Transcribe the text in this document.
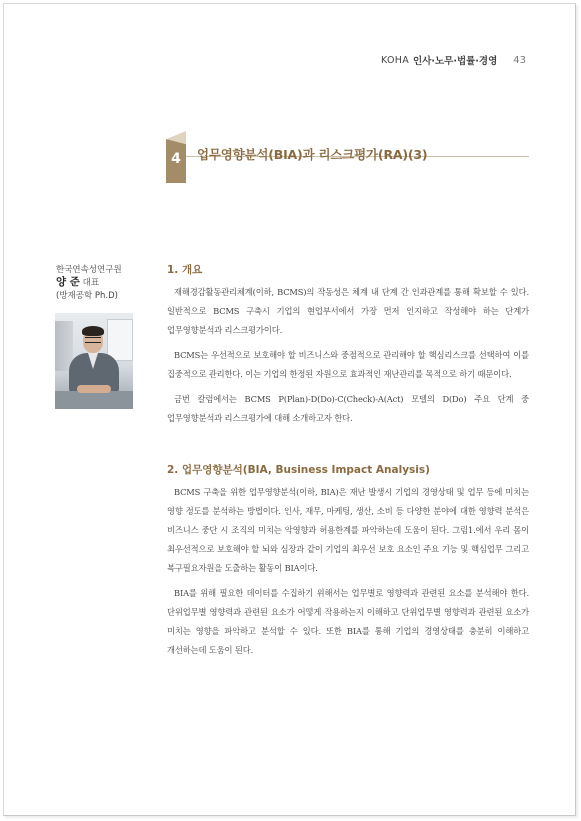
KOHA 인사·노무·법률·경영 43
4	업무영향분석(BIA)과 리스크평가(RA)(3)
한국연속성연구원
양 준 대표
(방재공학 Ph.D)
1. 개요

재해경감활동관리체계(이하, BCMS)의 작동성은 체계 내 단계 간 인과관계를 통해 확보할 수 있다. 일반적으로 BCMS 구축시 기업의 현업부서에서 가장 먼저 인지하고 작성해야 하는 단계가 업무영향분석과 리스크평가이다.

BCMS는 우선적으로 보호해야 할 비즈니스와 중점적으로 관리해야 할 핵심리스크를 선택하여 이를 집중적으로 관리한다. 이는 기업의 한정된 자원으로 효과적인 재난관리를 목적으로 하기 때문이다.

금번 칼럼에서는 BCMS P(Plan)-D(Do)-C(Check)-A(Act) 모델의 D(Do) 주요 단계 중 업무영향분석과 리스크평가에 대해 소개하고자 한다.

2. 업무영향분석(BIA, Business Impact Analysis)

BCMS 구축을 위한 업무영향분석(이하, BIA)은 재난 발생시 기업의 경영상태 및 업무 등에 미치는 영향 정도를 분석하는 방법이다. 인사, 재무, 마케팅, 생산, 소비 등 다양한 분야에 대한 영향력 분석은 비즈니스 중단 시 조직의 미치는 악영향과 허용한계를 파악하는데 도움이 된다. 그림1.에서 우리 몸이 최우선적으로 보호해야 할 뇌와 심장과 같이 기업의 최우선 보호 요소인 주요 기능 및 핵심업무 그리고 복구필요자원을 도출하는 활동이 BIA이다.

BIA를 위해 필요한 데이터를 수집하기 위해서는 업무별로 영향력과 관련된 요소를 분석해야 한다. 단위업무별 영향력과 관련된 요소가 어떻게 작용하는지 이해하고 단위업무별 영향력과 관련된 요소가 미치는 영향을 파악하고 분석할 수 있다. 또한 BIA를 통해 기업의 경영상태를 충분히 이해하고 개선하는데 도움이 된다.
